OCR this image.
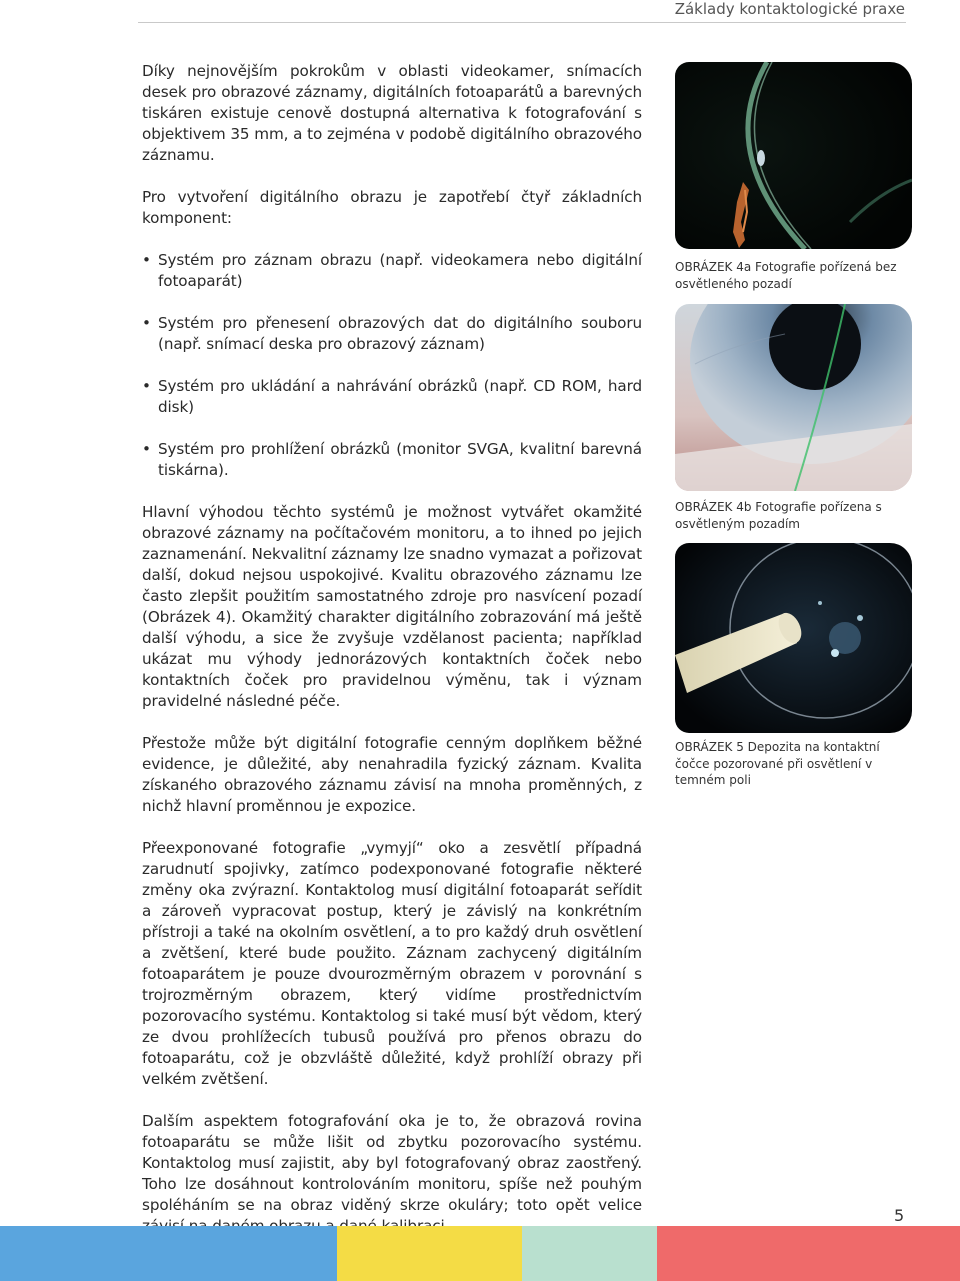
Základy kontaktologické praxe

Díky nejnovějším pokrokům v oblasti videokamer, snímacích desek pro obrazové záznamy, digitálních fotoaparátů a barevných tiskáren existuje cenově dostupná alternativa k fotografování s objektivem 35 mm, a to zejména v podobě digitálního obrazového záznamu.

Pro vytvoření digitálního obrazu je zapotřebí čtyř základních komponent:

• Systém pro záznam obrazu (např. videokamera nebo digitální fotoaparát)

• Systém pro přenesení obrazových dat do digitálního souboru (např. snímací deska pro obrazový záznam)

• Systém pro ukládání a nahrávání obrázků (např. CD ROM, hard disk)

• Systém pro prohlížení obrázků (monitor SVGA, kvalitní barevná tiskárna).

Hlavní výhodou těchto systémů je možnost vytvářet okamžité obrazové záznamy na počítačovém monitoru, a to ihned po jejich zaznamenání. Nekvalitní záznamy lze snadno vymazat a pořizovat další, dokud nejsou uspokojivé. Kvalitu obrazového záznamu lze často zlepšit použitím samostatného zdroje pro nasvícení pozadí (Obrázek 4). Okamžitý charakter digitálního zobrazování má ještě další výhodu, a sice že zvyšuje vzdělanost pacienta; například ukázat mu výhody jednorázových kontaktních čoček nebo kontaktních čoček pro pravidelnou výměnu, tak i význam pravidelné následné péče.

Přestože může být digitální fotografie cenným doplňkem běžné evidence, je důležité, aby nenahradila fyzický záznam. Kvalita získaného obrazového záznamu závisí na mnoha proměnných, z nichž hlavní proměnnou je expozice.

Přeexponované fotografie „vymyjí“ oko a zesvětlí případná zarudnutí spojivky, zatímco podexponované fotografie některé změny oka zvýrazní. Kontaktolog musí digitální fotoaparát seřídit a zároveň vypracovat postup, který je závislý na konkrétním přístroji a také na okolním osvětlení, a to pro každý druh osvětlení a zvětšení, které bude použito. Záznam zachycený digitálním fotoaparátem je pouze dvourozměrným obrazem v porovnání s trojrozměrným obrazem, který vidíme prostřednictvím pozorovacího systému. Kontaktolog si také musí být vědom, který ze dvou prohlížecích tubusů používá pro přenos obrazu do fotoaparátu, což je obzvláště důležité, když prohlíží obrazy při velkém zvětšení.

Dalším aspektem fotografování oka je to, že obrazová rovina fotoaparátu se může lišit od zbytku pozorovacího systému. Kontaktolog musí zajistit, aby byl fotografovaný obraz zaostřený. Toho lze dosáhnout kontrolováním monitoru, spíše než pouhým spoléháním se na obraz viděný skrze okuláry; toto opět velice

OBRÁZEK 4a Fotografie pořízená bez osvětleného pozadí
OBRÁZEK 4b Fotografie pořízena s osvětleným pozadím
OBRÁZEK 5 Depozita na kontaktní čočce pozorované při osvětlení v temném poli
5
